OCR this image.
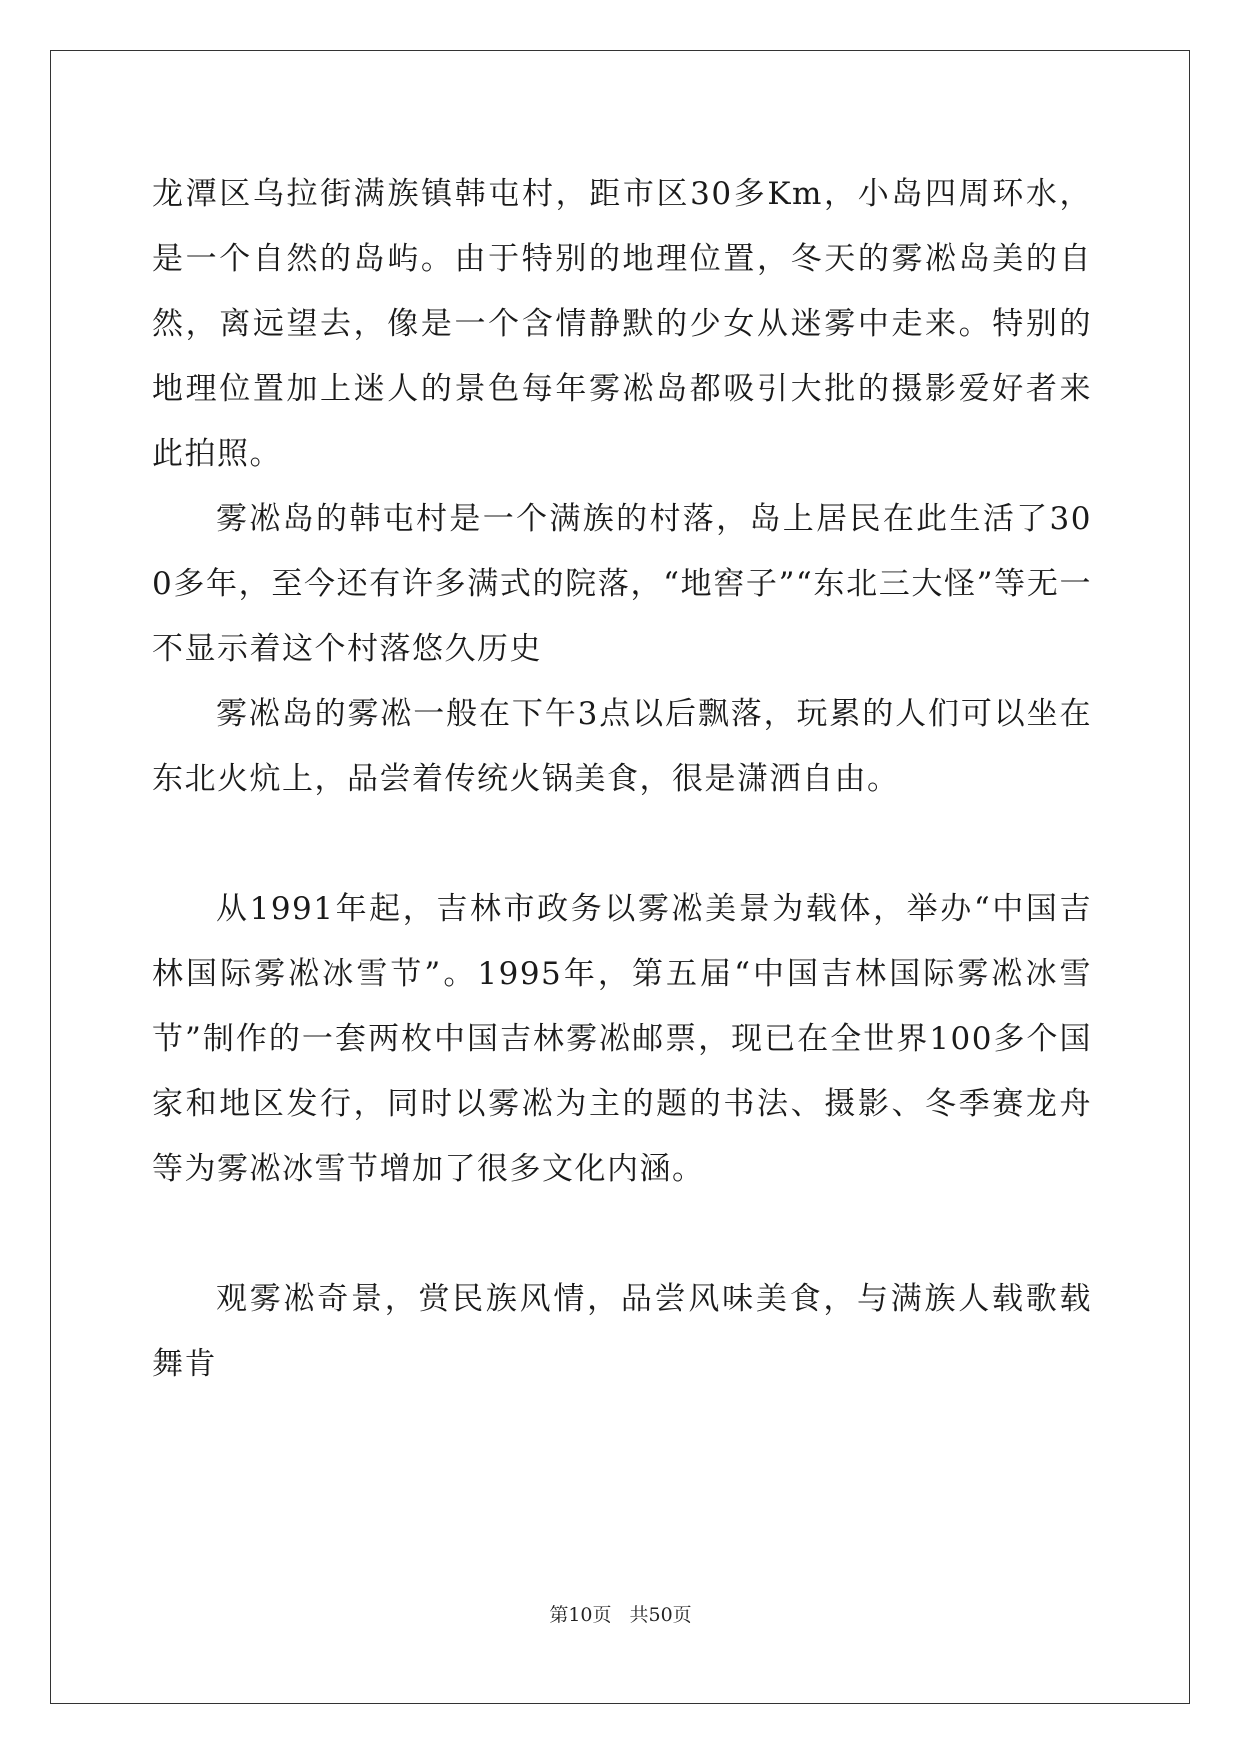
龙潭区乌拉街满族镇韩屯村，距市区30多Km，小岛四周环水，是一个自然的岛屿。由于特别的地理位置，冬天的雾凇岛美的自然，离远望去，像是一个含情静默的少女从迷雾中走来。特别的地理位置加上迷人的景色每年雾凇岛都吸引大批的摄影爱好者来此拍照。

雾凇岛的韩屯村是一个满族的村落，岛上居民在此生活了300多年，至今还有许多满式的院落，“地窖子”“东北三大怪”等无一不显示着这个村落悠久历史

雾凇岛的雾凇一般在下午3点以后飘落，玩累的人们可以坐在东北火炕上，品尝着传统火锅美食，很是潇洒自由。

从1991年起，吉林市政务以雾凇美景为载体，举办“中国吉林国际雾凇冰雪节”。1995年，第五届“中国吉林国际雾凇冰雪节”制作的一套两枚中国吉林雾凇邮票，现已在全世界100多个国家和地区发行，同时以雾凇为主的题的书法、摄影、冬季赛龙舟等为雾凇冰雪节增加了很多文化内涵。

观雾凇奇景，赏民族风情，品尝风味美食，与满族人载歌载舞肯

第10页 共50页
